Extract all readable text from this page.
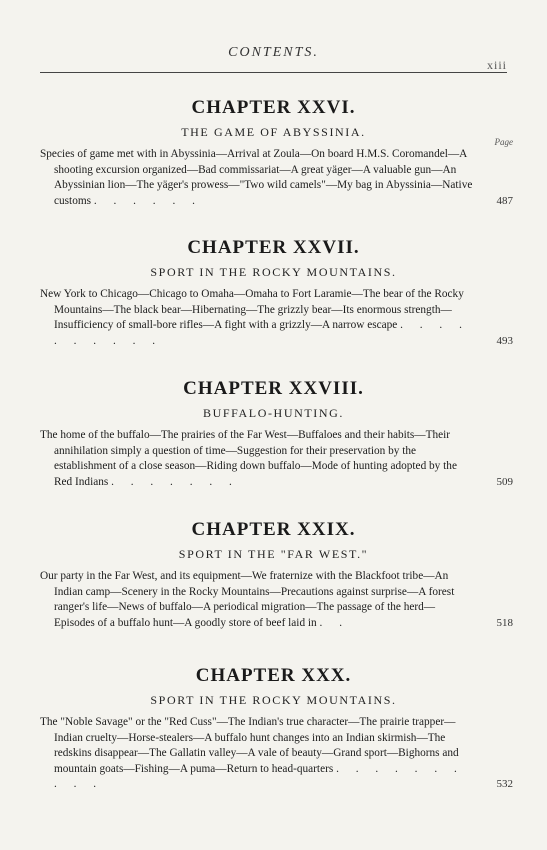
CONTENTS.
xiii
CHAPTER XXVI.
THE GAME OF ABYSSINIA.

Page
Species of game met with in Abyssinia—Arrival at Zoula—On board H.M.S. Coromandel—A shooting excursion organized—Bad commissariat—A great yäger—A valuable gun—An Abyssinian lion—The yäger's prowess—"Two wild camels"—My bag in Abyssinia—Native customs . . . . . .	487

CHAPTER XXVII.
SPORT IN THE ROCKY MOUNTAINS.

New York to Chicago—Chicago to Omaha—Omaha to Fort Laramie—The bear of the Rocky Mountains—The black bear—Hibernating—The grizzly bear—Its enormous strength—Insufficiency of small-bore rifles—A fight with a grizzly—A narrow escape . . . . . . . . . .	493

CHAPTER XXVIII.
BUFFALO-HUNTING.

The home of the buffalo—The prairies of the Far West—Buffaloes and their habits—Their annihilation simply a question of time—Suggestion for their preservation by the establishment of a close season—Riding down buffalo—Mode of hunting adopted by the Red Indians . . . . . . .	509

CHAPTER XXIX.
SPORT IN THE "FAR WEST."

Our party in the Far West, and its equipment—We fraternize with the Blackfoot tribe—An Indian camp—Scenery in the Rocky Mountains—Precautions against surprise—A forest ranger's life—News of buffalo—A periodical migration—The passage of the herd—Episodes of a buffalo hunt—A goodly store of beef laid in . .	518

CHAPTER XXX.
SPORT IN THE ROCKY MOUNTAINS.

The "Noble Savage" or the "Red Cuss"—The Indian's true character—The prairie trapper—Indian cruelty—Horse-stealers—A buffalo hunt changes into an Indian skirmish—The redskins disappear—The Gallatin valley—A vale of beauty—Grand sport—Bighorns and mountain goats—Fishing—A puma—Return to head-quarters . . . . . . . . . .	532
